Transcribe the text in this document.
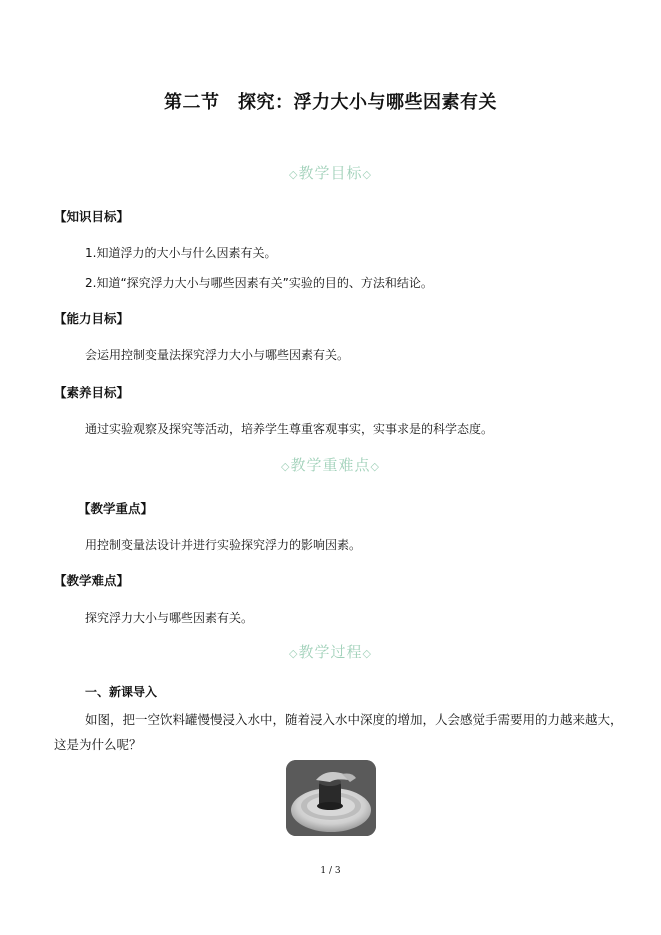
第二节　探究：浮力大小与哪些因素有关
◇教学目标◇
【知识目标】
1.知道浮力的大小与什么因素有关。
2.知道“探究浮力大小与哪些因素有关”实验的目的、方法和结论。
【能力目标】
会运用控制变量法探究浮力大小与哪些因素有关。
【素养目标】
通过实验观察及探究等活动，培养学生尊重客观事实，实事求是的科学态度。
◇教学重难点◇
【教学重点】
用控制变量法设计并进行实验探究浮力的影响因素。
【教学难点】
探究浮力大小与哪些因素有关。
◇教学过程◇
一、新课导入
如图，把一空饮料罐慢慢浸入水中，随着浸入水中深度的增加，人会感觉手需要用的力越来越大，
这是为什么呢？
1 / 3
